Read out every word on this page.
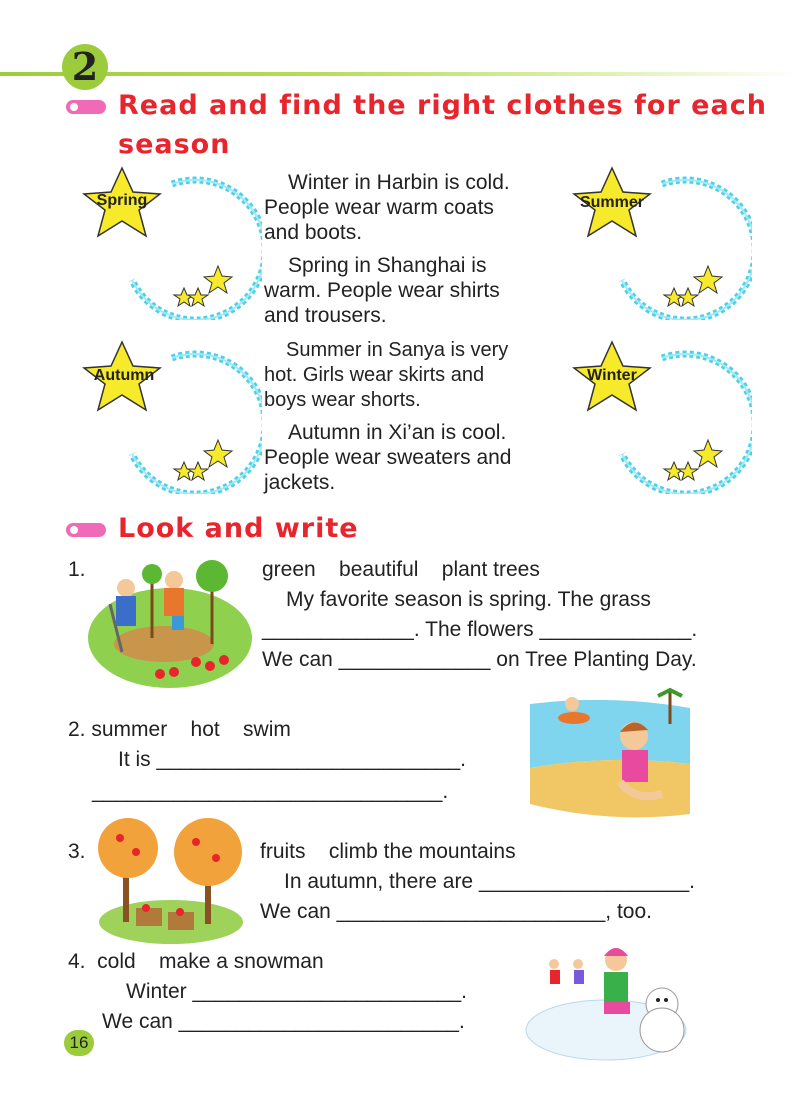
2
Read and find the right clothes for each
season
Spring	Summer
Autumn	Winter
Winter in Harbin is cold.
People wear warm coats
and boots.
Spring in Shanghai is
warm. People wear shirts
and trousers.
Summer in Sanya is very
hot. Girls wear skirts and
boys wear shorts.
Autumn in Xi’an is cool.
People wear sweaters and
jackets.
Look and write
1.	green    beautiful    plant trees
My favorite season is spring. The grass
_____________. The flowers _____________.
We can _____________ on Tree Planting Day.
2. summer    hot    swim
It is __________________________.
______________________________.
3.	fruits    climb the mountains
In autumn, there are __________________.
We can _______________________, too.
4.  cold    make a snowman
Winter _______________________.
We can ________________________.
16
